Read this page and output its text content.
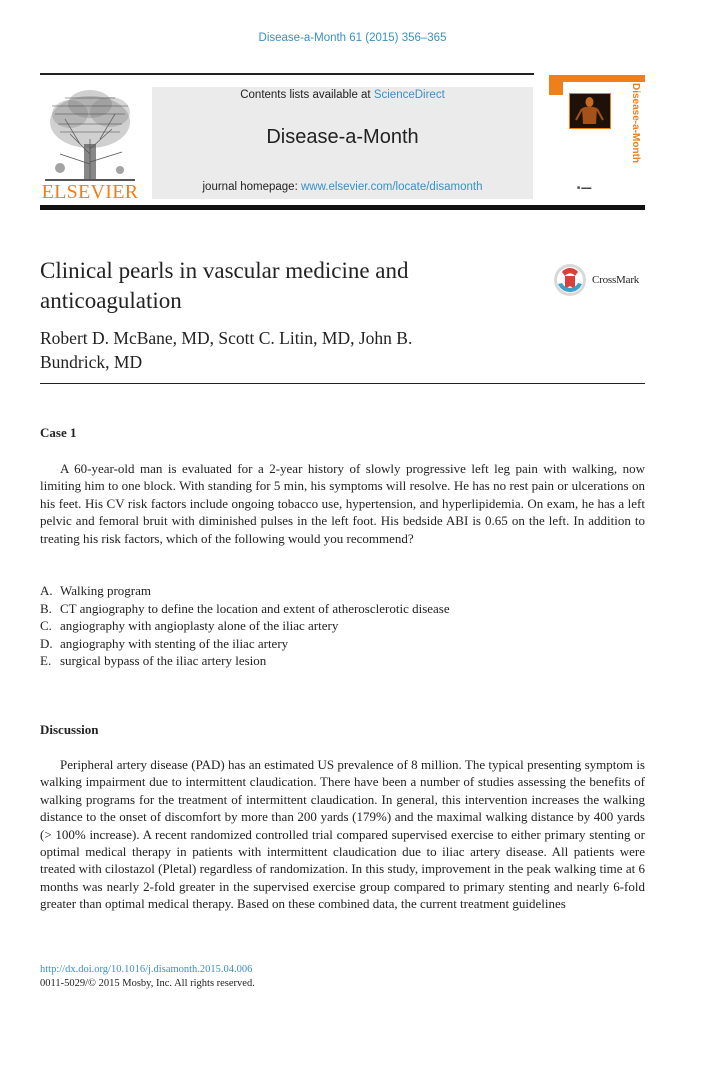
Disease-a-Month 61 (2015) 356–365
ELSEVIER
Contents lists available at ScienceDirect
Disease-a-Month
journal homepage: www.elsevier.com/locate/disamonth
Disease-a-Month
■ ▬▬
Clinical pearls in vascular medicine and anticoagulation
CrossMark
Robert D. McBane, MD, Scott C. Litin, MD, John B. Bundrick, MD
Case 1

A 60-year-old man is evaluated for a 2-year history of slowly progressive left leg pain with walking, now limiting him to one block. With standing for 5 min, his symptoms will resolve. He has no rest pain or ulcerations on his feet. His CV risk factors include ongoing tobacco use, hypertension, and hyperlipidemia. On exam, he has a left pelvic and femoral bruit with diminished pulses in the left foot. His bedside ABI is 0.65 on the left. In addition to treating his risk factors, which of the following would you recommend?

A. Walking program
B. CT angiography to define the location and extent of atherosclerotic disease
C. angiography with angioplasty alone of the iliac artery
D. angiography with stenting of the iliac artery
E. surgical bypass of the iliac artery lesion
Discussion

Peripheral artery disease (PAD) has an estimated US prevalence of 8 million. The typical presenting symptom is walking impairment due to intermittent claudication. There have been a number of studies assessing the benefits of walking programs for the treatment of intermittent claudication. In general, this intervention increases the walking distance to the onset of discomfort by more than 200 yards (179%) and the maximal walking distance by 400 yards (> 100% increase). A recent randomized controlled trial compared supervised exercise to either primary stenting or optimal medical therapy in patients with intermittent claudication due to iliac artery disease. All patients were treated with cilostazol (Pletal) regardless of randomization. In this study, improvement in the peak walking time at 6 months was nearly 2-fold greater in the supervised exercise group compared to primary stenting and nearly 6-fold greater than optimal medical therapy. Based on these combined data, the current treatment guidelines

http://dx.doi.org/10.1016/j.disamonth.2015.04.006
0011-5029/© 2015 Mosby, Inc. All rights reserved.
